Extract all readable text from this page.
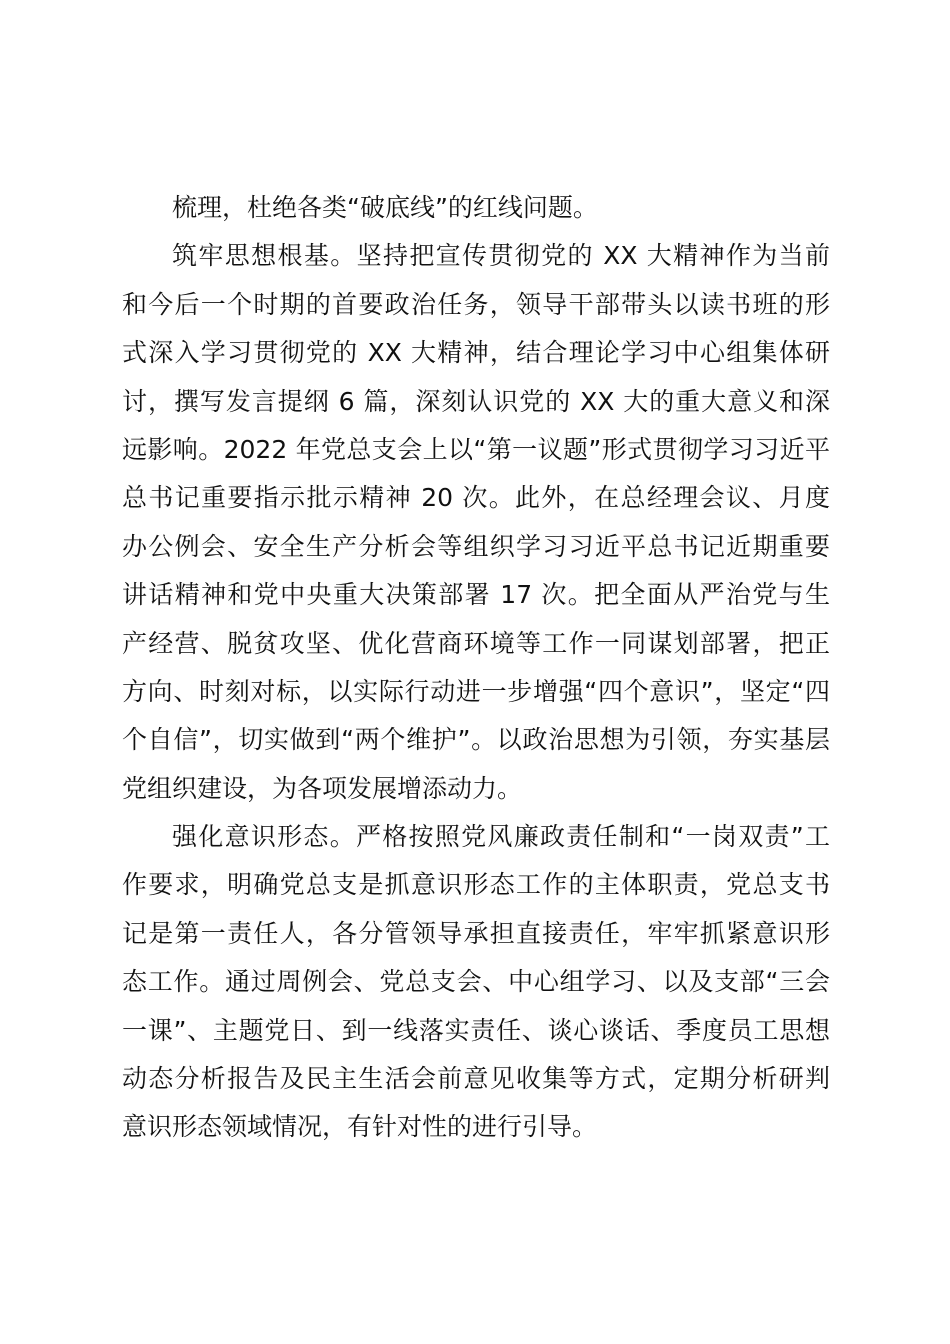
梳理，杜绝各类“破底线”的红线问题。
筑牢思想根基。坚持把宣传贯彻党的 XX 大精神作为当前
和今后一个时期的首要政治任务，领导干部带头以读书班的形
式深入学习贯彻党的 XX 大精神，结合理论学习中心组集体研
讨，撰写发言提纲 6 篇，深刻认识党的 XX 大的重大意义和深
远影响。2022 年党总支会上以“第一议题”形式贯彻学习习近平
总书记重要指示批示精神 20 次。此外，在总经理会议、月度
办公例会、安全生产分析会等组织学习习近平总书记近期重要
讲话精神和党中央重大决策部署 17 次。把全面从严治党与生
产经营、脱贫攻坚、优化营商环境等工作一同谋划部署，把正
方向、时刻对标，以实际行动进一步增强“四个意识”，坚定“四
个自信”，切实做到“两个维护”。以政治思想为引领，夯实基层
党组织建设，为各项发展增添动力。
强化意识形态。严格按照党风廉政责任制和“一岗双责”工
作要求，明确党总支是抓意识形态工作的主体职责，党总支书
记是第一责任人，各分管领导承担直接责任，牢牢抓紧意识形
态工作。通过周例会、党总支会、中心组学习、以及支部“三会
一课”、主题党日、到一线落实责任、谈心谈话、季度员工思想
动态分析报告及民主生活会前意见收集等方式，定期分析研判
意识形态领域情况，有针对性的进行引导。
